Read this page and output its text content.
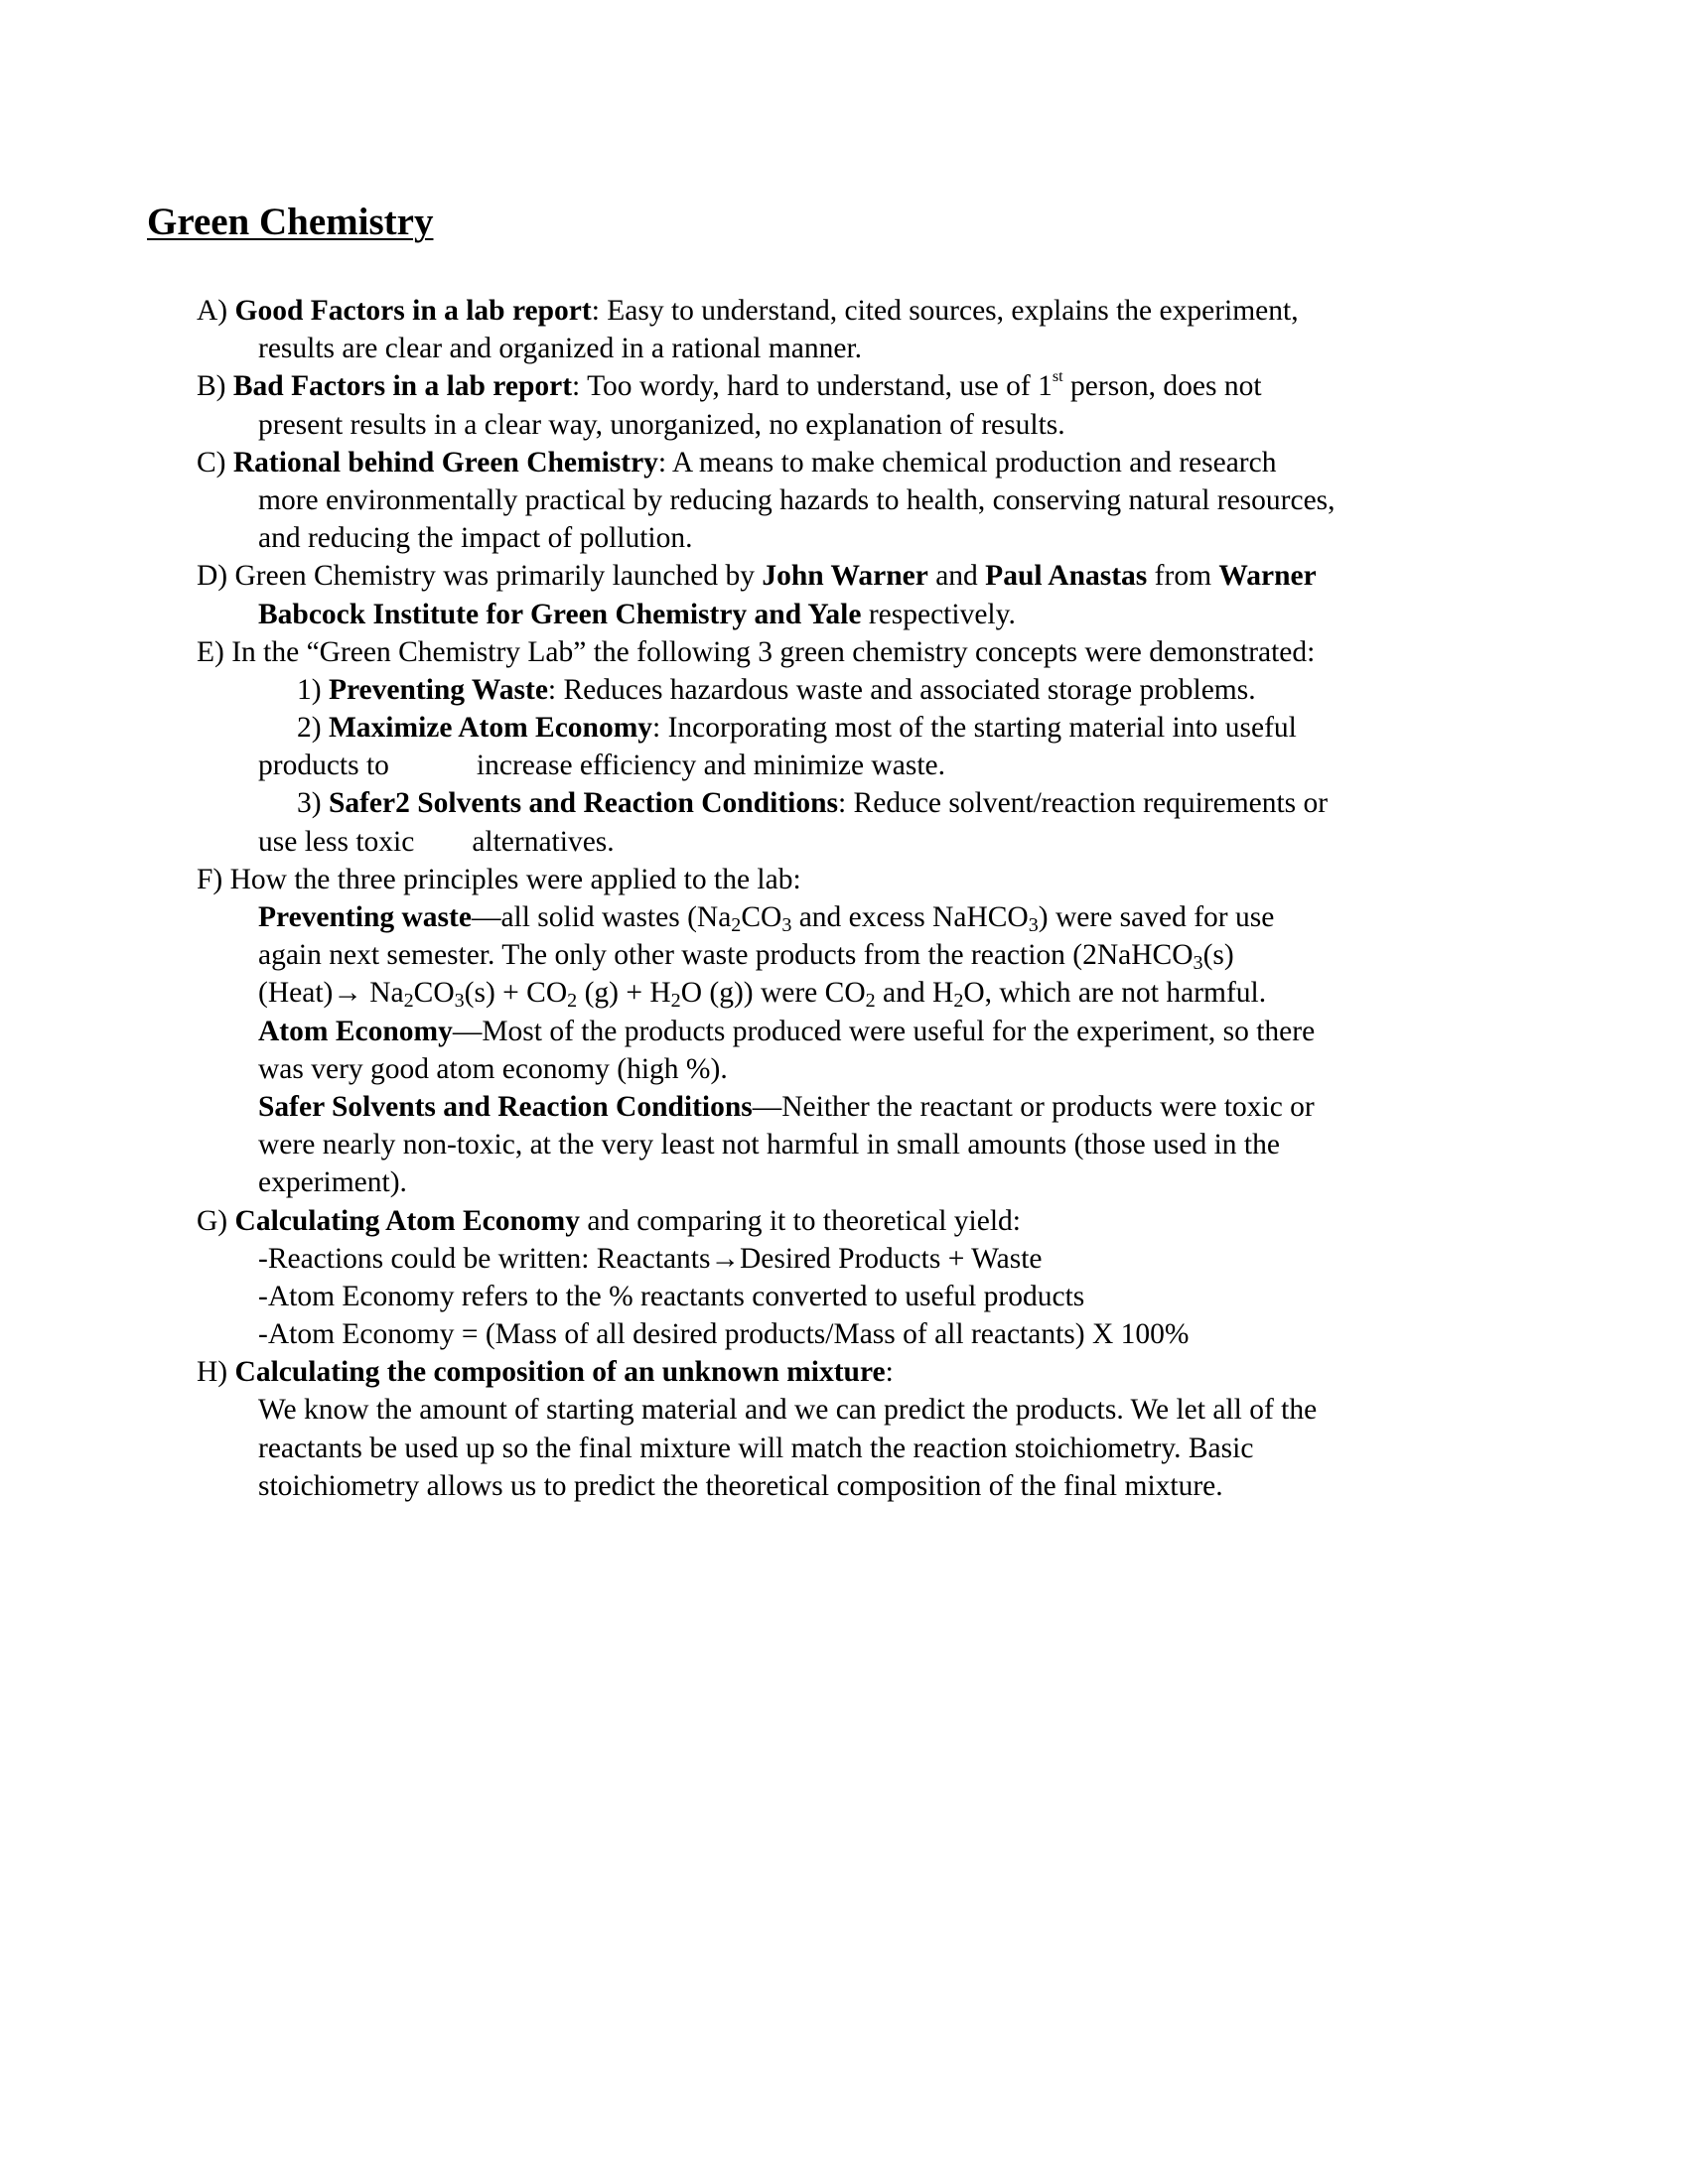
Green Chemistry
A) Good Factors in a lab report: Easy to understand, cited sources, explains the experiment,
results are clear and organized in a rational manner.
B) Bad Factors in a lab report: Too wordy, hard to understand, use of 1st person, does not
present results in a clear way, unorganized, no explanation of results.
C) Rational behind Green Chemistry: A means to make chemical production and research
more environmentally practical by reducing hazards to health, conserving natural resources,
and reducing the impact of pollution.
D) Green Chemistry was primarily launched by John Warner and Paul Anastas from Warner
Babcock Institute for Green Chemistry and Yale respectively.
E) In the “Green Chemistry Lab” the following 3 green chemistry concepts were demonstrated:
1) Preventing Waste: Reduces hazardous waste and associated storage problems.
2) Maximize Atom Economy: Incorporating most of the starting material into useful
products to	increase efficiency and minimize waste.
3) Safer2 Solvents and Reaction Conditions: Reduce solvent/reaction requirements or
use less toxic alternatives.
F) How the three principles were applied to the lab:
Preventing waste—all solid wastes ($Na_2CO_3$ and excess NaHCO$_3$) were saved for use
again next semester. The only other waste products from the reaction (2NaHCO$_3$(s)
(Heat)→ $Na_2CO_3(s) + CO_2$ $(g) + H_2O$ (g)) were $CO_2$ and $H_2O$, which are not harmful.
Atom Economy—Most of the products produced were useful for the experiment, so there
was very good atom economy (high %).
Safer Solvents and Reaction Conditions—Neither the reactant or products were toxic or
were nearly non-toxic, at the very least not harmful in small amounts (those used in the
experiment).
G) Calculating Atom Economy and comparing it to theoretical yield:
-Reactions could be written: Reactants→Desired Products + Waste
-Atom Economy refers to the % reactants converted to useful products
-Atom Economy = (Mass of all desired products/Mass of all reactants) X 100%
H) Calculating the composition of an unknown mixture:
We know the amount of starting material and we can predict the products. We let all of the
reactants be used up so the final mixture will match the reaction stoichiometry. Basic
stoichiometry allows us to predict the theoretical composition of the final mixture.
